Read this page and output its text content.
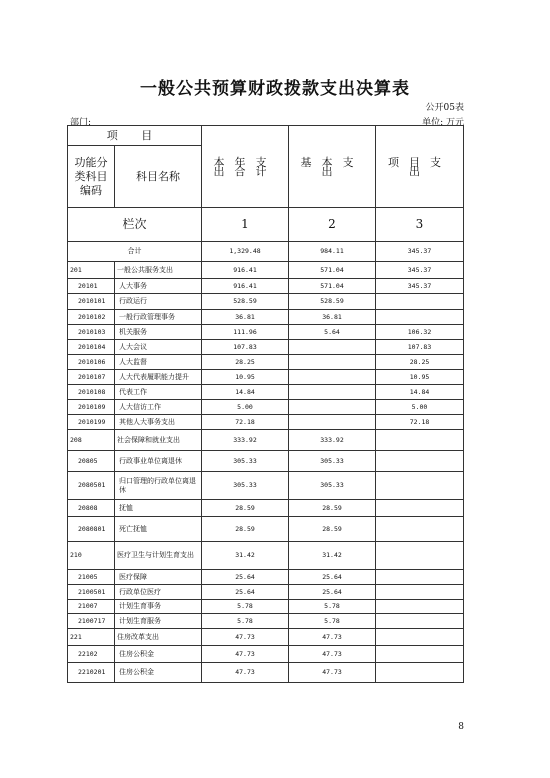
一般公共预算财政拨款支出决算表
公开05表
部门:	单位: 万元
项 目		本年支出合计	基本支出	项目支出
功能分类科目编码	科目名称			
栏次		1	2	3
合计		1,329.48	984.11	345.37
201	一般公共服务支出	916.41	571.04	345.37
20101	人大事务	916.41	571.04	345.37
2010101	行政运行	528.59	528.59	
2010102	一般行政管理事务	36.81	36.81	
2010103	机关服务	111.96	5.64	106.32
2010104	人大会议	107.83		107.83
2010106	人大监督	28.25		28.25
2010107	人大代表履职能力提升	10.95		10.95
2010108	代表工作	14.84		14.84
2010109	人大信访工作	5.00		5.00
2010199	其他人大事务支出	72.18		72.18
208	社会保障和就业支出	333.92	333.92	
20805	行政事业单位离退休	305.33	305.33	
2080501	归口管理的行政单位离退休	305.33	305.33	
20808	抚恤	28.59	28.59	
2080801	死亡抚恤	28.59	28.59	
210	医疗卫生与计划生育支出	31.42	31.42	
21005	医疗保障	25.64	25.64	
2100501	行政单位医疗	25.64	25.64	
21007	计划生育事务	5.78	5.78	
2100717	计划生育服务	5.78	5.78	
221	住房改革支出	47.73	47.73	
22102	住房公积金	47.73	47.73	
2210201	住房公积金	47.73	47.73	
8
